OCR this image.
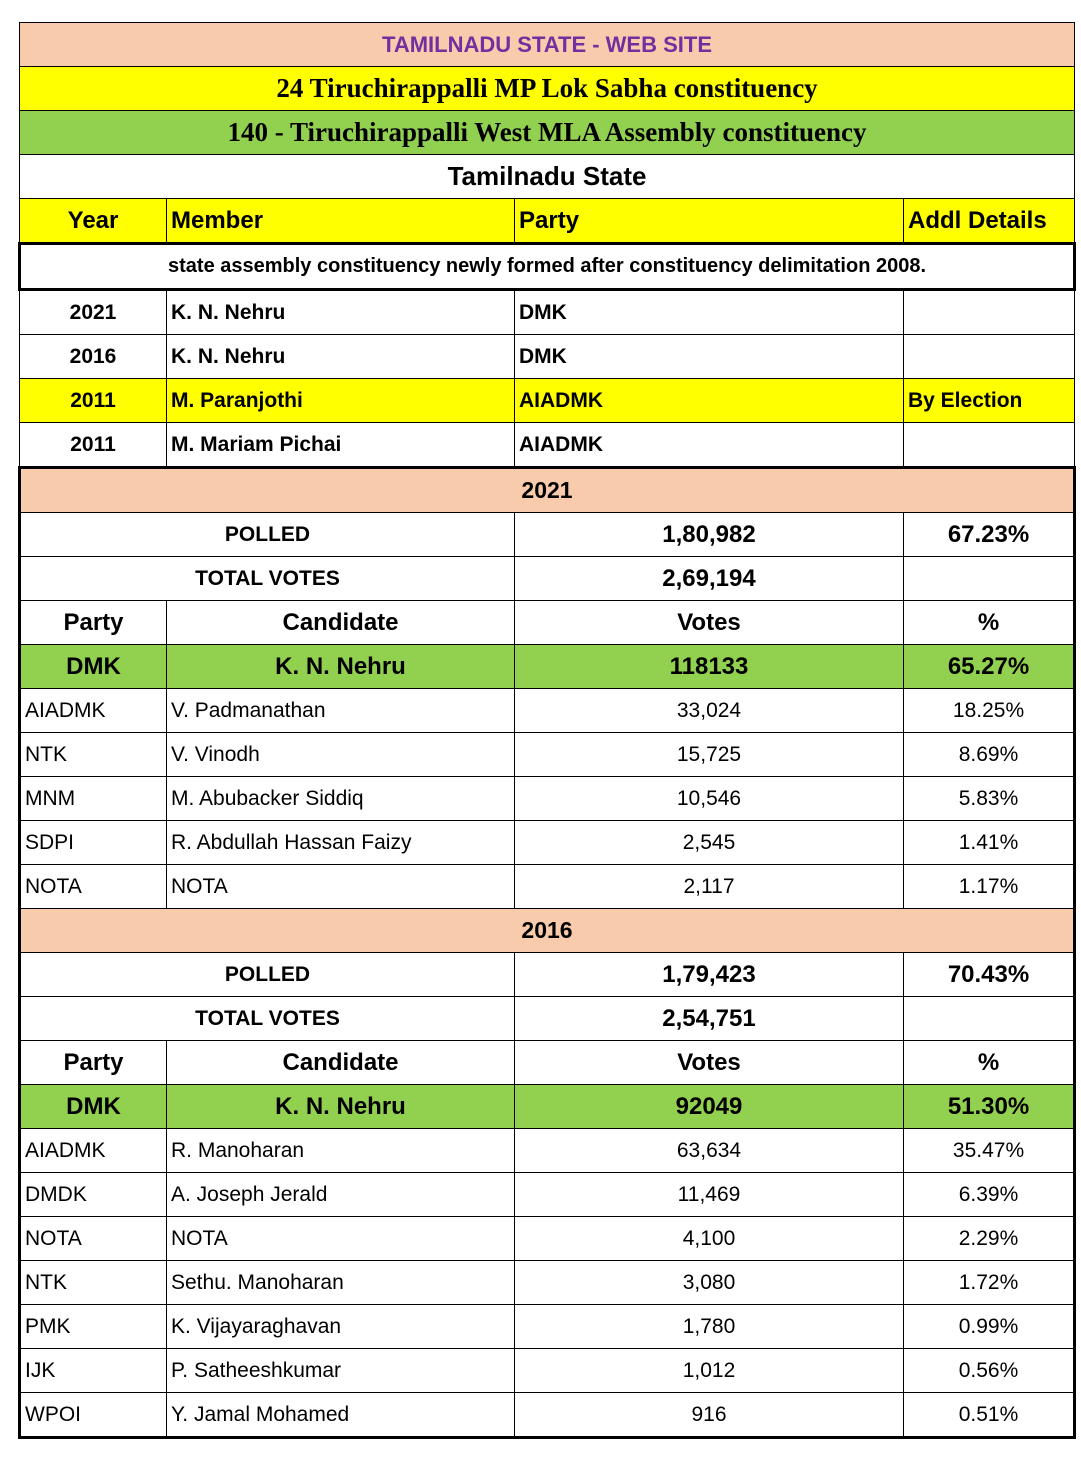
TAMILNADU STATE - WEB SITE			
24 Tiruchirappalli MP Lok Sabha constituency			
140 - Tiruchirappalli West MLA Assembly constituency			
Tamilnadu State			
Year	Member	Party	Addl Details
state assembly constituency newly formed after constituency delimitation 2008.			
2021	K. N. Nehru	DMK	
2016	K. N. Nehru	DMK	
2011	M. Paranjothi	AIADMK	By Election
2011	M. Mariam Pichai	AIADMK	
2021			
POLLED		1,80,982	67.23%
TOTAL VOTES		2,69,194	
Party	Candidate	Votes	%
DMK	K. N. Nehru	118133	65.27%
AIADMK	V. Padmanathan	33,024	18.25%
NTK	V. Vinodh	15,725	8.69%
MNM	M. Abubacker Siddiq	10,546	5.83%
SDPI	R. Abdullah Hassan Faizy	2,545	1.41%
NOTA	NOTA	2,117	1.17%
2016			
POLLED		1,79,423	70.43%
TOTAL VOTES		2,54,751	
Party	Candidate	Votes	%
DMK	K. N. Nehru	92049	51.30%
AIADMK	R. Manoharan	63,634	35.47%
DMDK	A. Joseph Jerald	11,469	6.39%
NOTA	NOTA	4,100	2.29%
NTK	Sethu. Manoharan	3,080	1.72%
PMK	K. Vijayaraghavan	1,780	0.99%
IJK	P. Satheeshkumar	1,012	0.56%
WPOI	Y. Jamal Mohamed	916	0.51%
